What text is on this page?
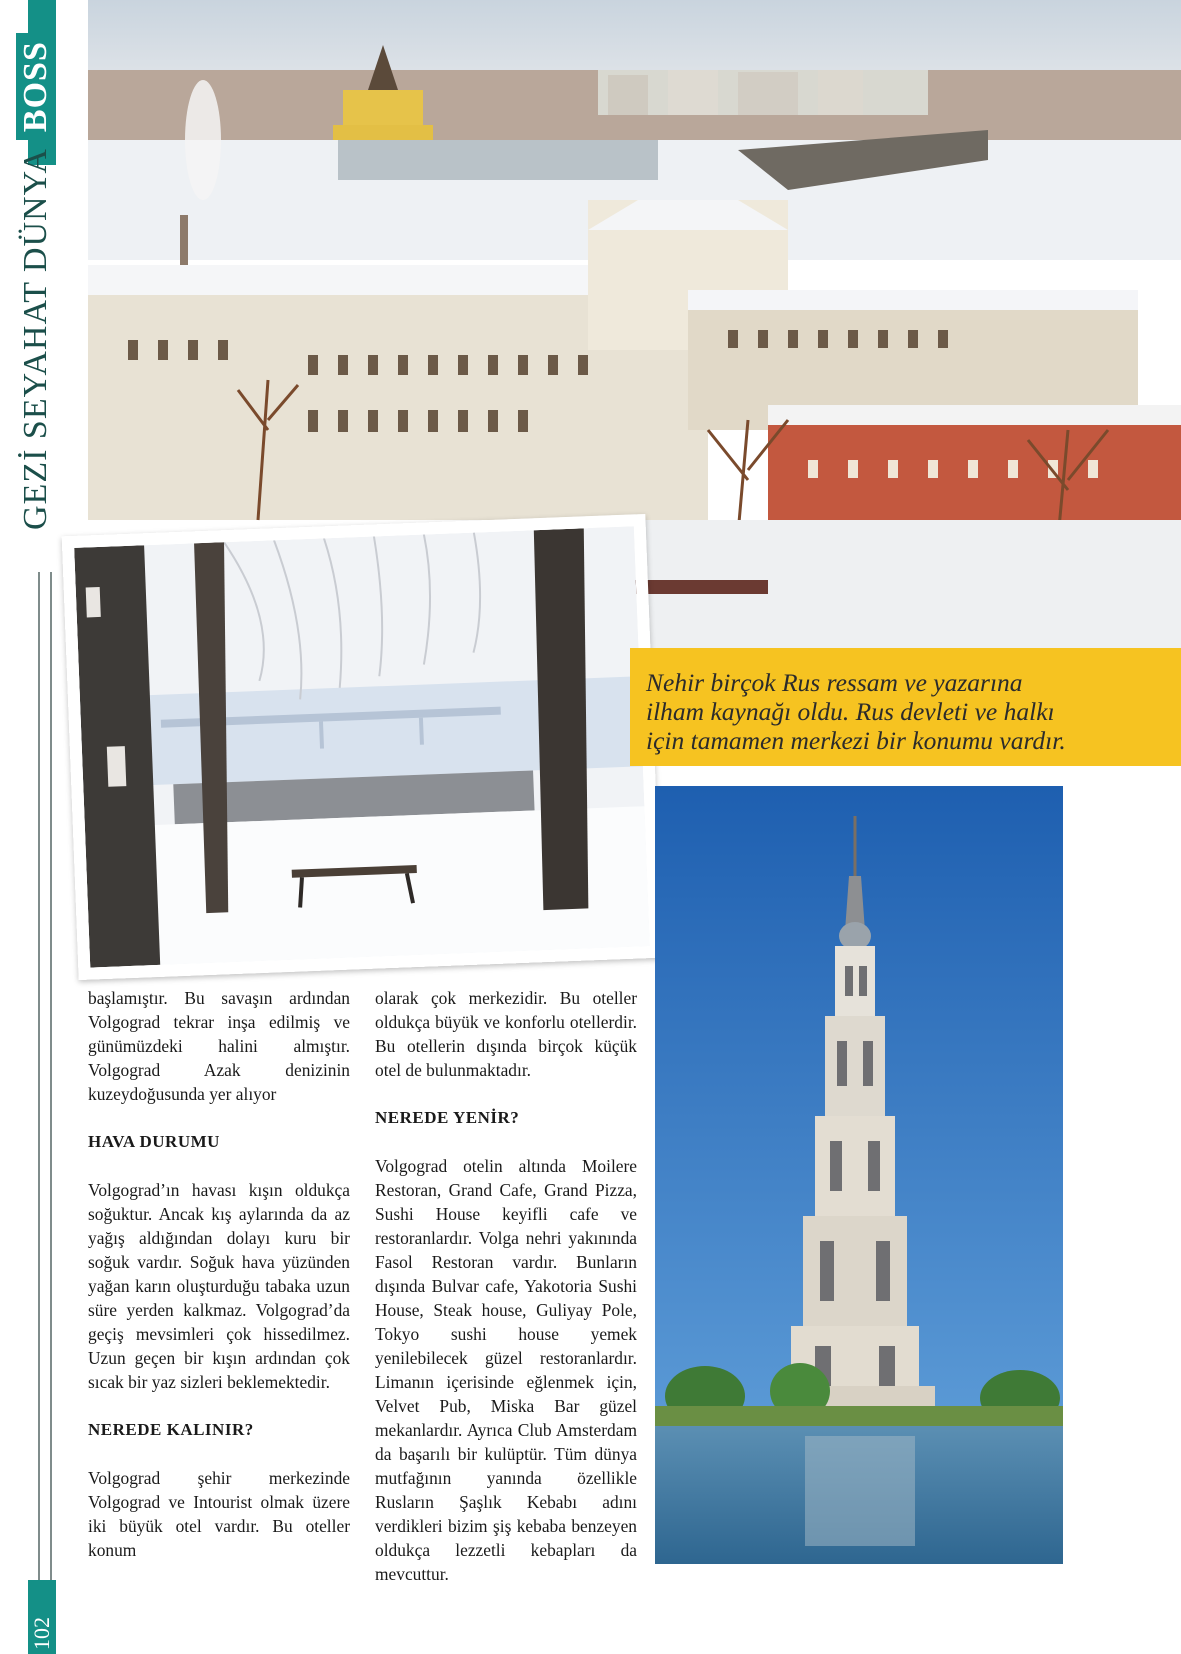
GEZİ SEYAHAT DÜNYABOSS
102
Nehir birçok Rus ressam ve yazarına
ilham kaynağı oldu. Rus devleti ve halkı
için tamamen merkezi bir konumu vardır.

başlamıştır. Bu savaşın ardından Volgograd tekrar inşa edilmiş ve günümüzdeki halini almıştır. Volgograd Azak denizinin kuzeydoğusunda yer alıyor

HAVA DURUMU

Volgograd’ın havası kışın oldukça soğuktur. Ancak kış aylarında da az yağış aldığından dolayı kuru bir soğuk vardır. Soğuk hava yüzünden yağan karın oluşturduğu tabaka uzun süre yerden kalkmaz. Volgograd’da geçiş mevsimleri çok hissedilmez. Uzun geçen bir kışın ardından çok sıcak bir yaz sizleri beklemektedir.

NEREDE KALINIR?

Volgograd şehir merkezinde Volgograd ve Intourist olmak üzere iki büyük otel vardır. Bu oteller konum

olarak çok merkezidir. Bu oteller oldukça büyük ve konforlu otellerdir. Bu otellerin dışında birçok küçük otel de bulunmaktadır.

NEREDE YENİR?

Volgograd otelin altında Moilere Restoran, Grand Cafe, Grand Pizza, Sushi House keyifli cafe ve restoranlardır. Volga nehri yakınında Fasol Restoran vardır. Bunların dışında Bulvar cafe, Yakotoria Sushi House, Steak house, Guliyay Pole, Tokyo sushi house yemek yenilebilecek güzel restoranlardır. Limanın içerisinde eğlenmek için, Velvet Pub, Miska Bar güzel mekanlardır. Ayrıca Club Amsterdam da başarılı bir kulüptür. Tüm dünya mutfağının yanında özellikle Rusların Şaşlık Kebabı adını verdikleri bizim şiş kebaba benzeyen oldukça lezzetli kebapları da mevcuttur.
